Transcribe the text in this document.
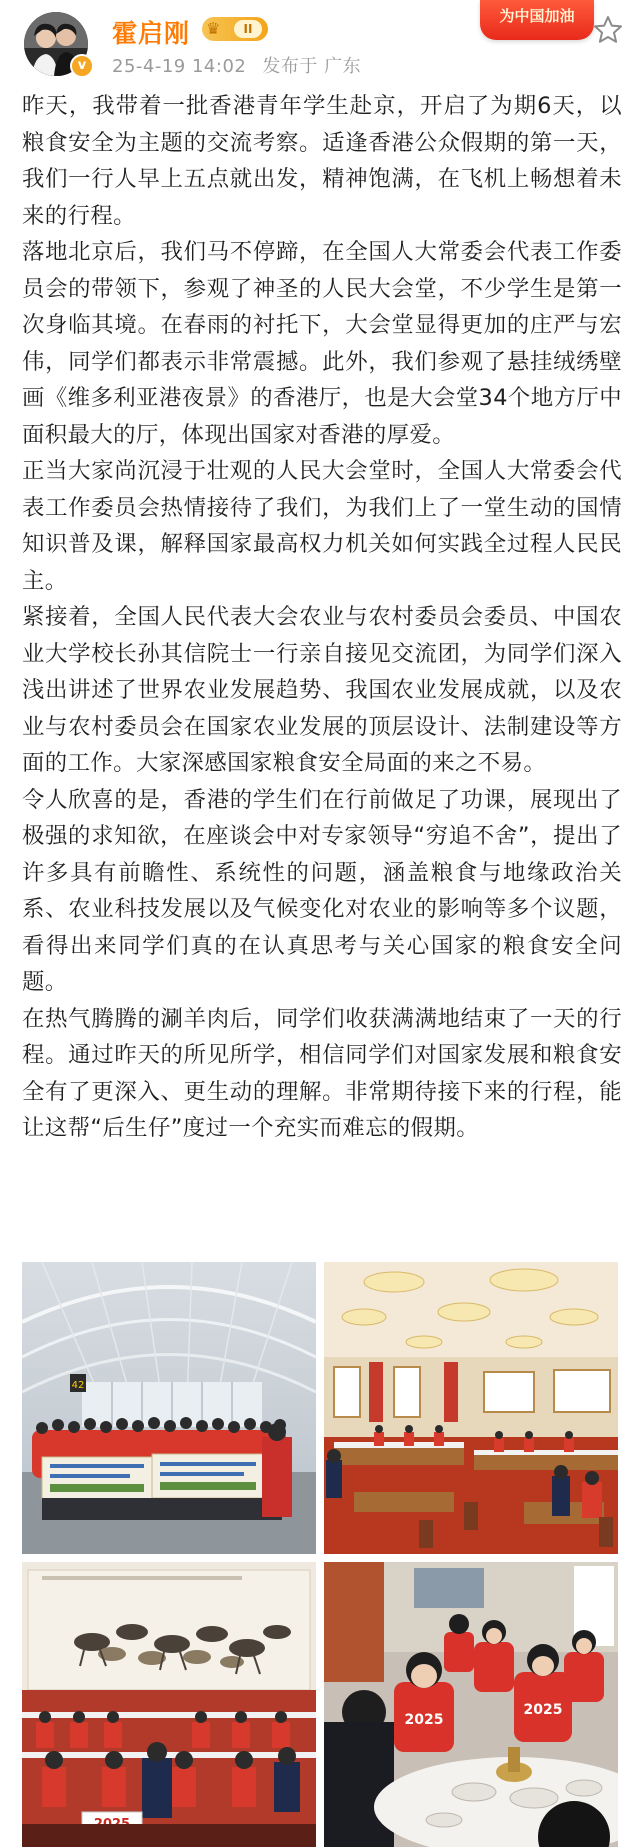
v
霍启刚 ♛	II
25-4-19 14:02 发布于 广东
为中国加油

昨天，我带着一批香港青年学生赴京，开启了为期6天，以粮食安全为主题的交流考察。适逢香港公众假期的第一天，我们一行人早上五点就出发，精神饱满，在飞机上畅想着未来的行程。

落地北京后，我们马不停蹄，在全国人大常委会代表工作委员会的带领下，参观了神圣的人民大会堂，不少学生是第一次身临其境。在春雨的衬托下，大会堂显得更加的庄严与宏伟，同学们都表示非常震撼。此外，我们参观了悬挂绒绣壁画《维多利亚港夜景》的香港厅，也是大会堂34个地方厅中面积最大的厅，体现出国家对香港的厚爱。

正当大家尚沉浸于壮观的人民大会堂时，全国人大常委会代表工作委员会热情接待了我们，为我们上了一堂生动的国情知识普及课，解释国家最高权力机关如何实践全过程人民民主。

紧接着，全国人民代表大会农业与农村委员会委员、中国农业大学校长孙其信院士一行亲自接见交流团，为同学们深入浅出讲述了世界农业发展趋势、我国农业发展成就，以及农业与农村委员会在国家农业发展的顶层设计、法制建设等方面的工作。大家深感国家粮食安全局面的来之不易。

令人欣喜的是，香港的学生们在行前做足了功课，展现出了极强的求知欲，在座谈会中对专家领导“穷追不舍”，提出了许多具有前瞻性、系统性的问题，涵盖粮食与地缘政治关系、农业科技发展以及气候变化对农业的影响等多个议题，看得出来同学们真的在认真思考与关心国家的粮食安全问题。

在热气腾腾的涮羊肉后，同学们收获满满地结束了一天的行程。通过昨天的所见所学，相信同学们对国家发展和粮食安全有了更深入、更生动的理解。非常期待接下来的行程，能让这帮“后生仔”度过一个充实而难忘的假期。

42
2025
2025
